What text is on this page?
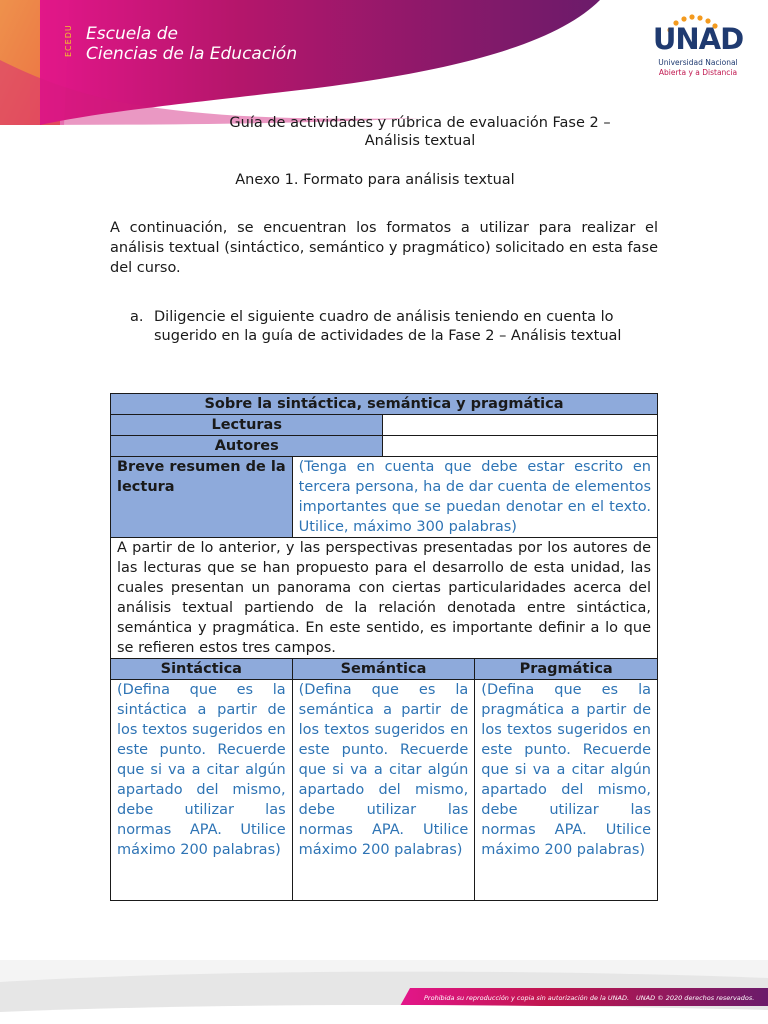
ECEDU Escuela de
Ciencias de la Educación	UNAD
Universidad Nacional
Abierta y a Distancia
Guía de actividades y rúbrica de evaluación Fase 2 –
Análisis textual
Anexo 1. Formato para análisis textual
A continuación, se encuentran los formatos a utilizar para realizar el análisis textual (sintáctico, semántico y pragmático) solicitado en esta fase del curso.
a. Diligencie el siguiente cuadro de análisis teniendo en cuenta lo sugerido en la guía de actividades de la Fase 2 – Análisis textual
Sobre la sintáctica, semántica y pragmática			
Lecturas			
Autores			
Breve resumen de la lectura	(Tenga en cuenta que debe estar escrito en tercera persona, ha de dar cuenta de elementos importantes que se puedan denotar en el texto. Utilice, máximo 300 palabras)		
A partir de lo anterior, y las perspectivas presentadas por los autores de las lecturas que se han propuesto para el desarrollo de esta unidad, las cuales presentan un panorama con ciertas particularidades acerca del análisis textual partiendo de la relación denotada entre sintáctica, semántica y pragmática. En este sentido, es importante definir a lo que se refieren estos tres campos.			
Sintáctica	Semántica		Pragmática
(Defina que es la sintáctica a partir de los textos sugeridos en este punto. Recuerde que si va a citar algún apartado del mismo, debe utilizar las normas APA. Utilice máximo 200 palabras)	(Defina que es la semántica a partir de los textos sugeridos en este punto. Recuerde que si va a citar algún apartado del mismo, debe utilizar las normas APA. Utilice máximo 200 palabras)		(Defina que es la pragmática a partir de los textos sugeridos en este punto. Recuerde que si va a citar algún apartado del mismo, debe utilizar las normas APA. Utilice máximo 200 palabras)
Prohibida su reproducción y copia sin autorización de la UNAD. UNAD © 2020 derechos reservados.
